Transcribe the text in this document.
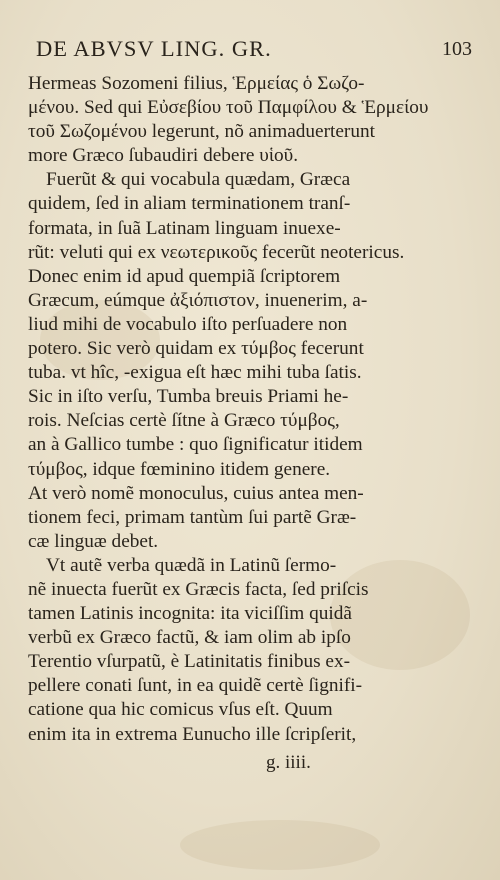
DE ABVSV LING. GR.	103
Hermeas Sozomeni filius, Ἑρμείας ὁ Σωζο-
μένου. Sed qui Εὐσεβίου τοῦ Παμφίλου & Ἑρμείου
τοῦ Σωζομένου legerunt, nõ animaduerterunt
more Græco ſubaudiri debere υἱοῦ.
Fuerũt & qui vocabula quædam, Græca
quidem, ſed in aliam terminationem tranſ-
formata, in ſuã Latinam linguam inuexe-
rũt: veluti qui ex νεωτερικοῦς fecerũt neotericus.
Donec enim id apud quempiã ſcriptorem
Græcum, eúmque ἀξιόπιστον, inuenerim, a-
liud mihi de vocabulo iſto perſuadere non
potero. Sic verò quidam ex τύμβος fecerunt
tuba. vt hîc, -exigua eſt hæc mihi tuba ſatis.
Sic in iſto verſu, Tumba breuis Priami he-
rois. Neſcias certè ſítne à Græco τύμβος,
an à Gallico tumbe : quo ſignificatur itidem
τύμβος, idque fœminino itidem genere.
At verò nomẽ monoculus, cuius antea men-
tionem feci, primam tantùm ſui partẽ Græ-
cæ linguæ debet.
Vt autẽ verba quædã in Latinũ ſermo-
nẽ inuecta fuerũt ex Græcis facta, ſed priſcis
tamen Latinis incognita: ita viciſſim quidã
verbũ ex Græco factũ, & iam olim ab ipſo
Terentio vſurpatũ, è Latinitatis finibus ex-
pellere conati ſunt, in ea quidẽ certè ſignifi-
catione qua hic comicus vſus eſt. Quum
enim ita in extrema Eunucho ille ſcripſerit,
g. iiii.
